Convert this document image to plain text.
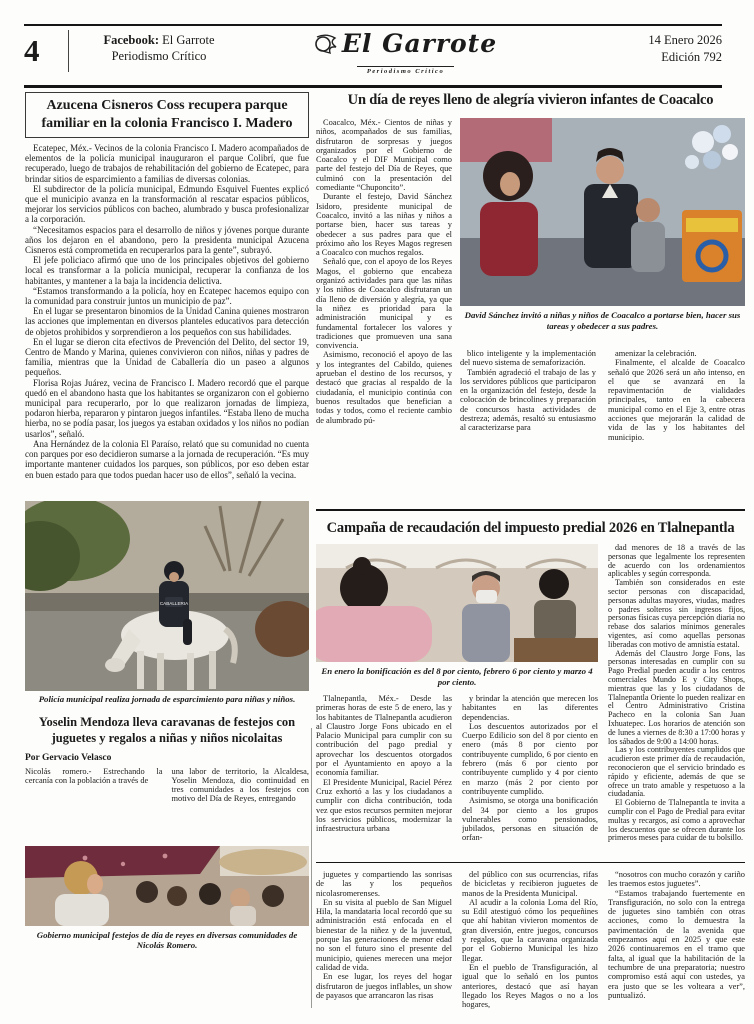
4	Facebook: El Garrote
Periodismo Crítico	El Garrote

Periodismo Crítico
14 Enero 2026
Edición 792
Azucena Cisneros Coss recupera parque familiar en la colonia Francisco I. Madero

Ecatepec, Méx.- Vecinos de la colonia Francisco I. Madero acompañados de elementos de la policía municipal inauguraron el parque Colibrí, que fue recuperado, luego de trabajos de rehabilitación del gobierno de Ecatepec, para brindar sitios de esparcimiento a familias de diversas colonias.

El subdirector de la policía municipal, Edmundo Esquivel Fuentes explicó que el municipio avanza en la transformación al rescatar espacios públicos, mejorar los servicios públicos con bacheo, alumbrado y busca profesionalizar a la corporación.

“Necesitamos espacios para el desarrollo de niños y jóvenes porque durante años los dejaron en el abandono, pero la presidenta municipal Azucena Cisneros está comprometida en recuperarlos para la gente”, subrayó.

El jefe policiaco afirmó que uno de los principales objetivos del gobierno local es transformar a la policía municipal, recuperar la confianza de los habitantes, y mantener a la baja la incidencia delictiva.

“Estamos transformando a la policía, hoy en Ecatepec hacemos equipo con la comunidad para construir juntos un municipio de paz”.

En el lugar se presentaron binomios de la Unidad Canina quienes mostraron las acciones que implementan en diversos planteles educativos para detección de objetos prohibidos y sorprendieron a los pequeños con sus habilidades.

En el lugar se dieron cita efectivos de Prevención del Delito, del sector 19, Centro de Mando y Marina, quienes convivieron con niños, niñas y padres de familia, mientras que la Unidad de Caballería dio un paseo a algunos pequeños.

Florisa Rojas Juárez, vecina de Francisco I. Madero recordó que el parque quedó en el abandono hasta que los habitantes se organizaron con el gobierno municipal para recuperarlo, por lo que realizaron jornadas de limpieza, podaron hierba, repararon y pintaron juegos infantiles. “Estaba lleno de mucha hierba, no se podía pasar, los juegos ya estaban oxidados y los niños no podían usarlos”, señaló.

Ana Hernández de la colonia El Paraíso, relató que su comunidad no cuenta con parques por eso decidieron sumarse a la jornada de recuperación. “Es muy importante mantener cuidados los parques, son públicos, por eso deben estar en buen estado para que todos puedan hacer uso de ellos”, señaló la vecina.

CABALLERIA
Policía municipal realiza jornada de esparcimiento para niñas y niños.
Yoselin Mendoza lleva caravanas de festejos con juguetes y regalos a niñas y niños nicolaitas
Por Gervacio Velasco
Nicolás romero.- Estrechando la cercanía con la población a través de
una labor de territorio, la Alcaldesa, Yoselin Mendoza, dio continuidad en tres comunidades a los festejos con motivo del Día de Reyes, entregando
Gobierno municipal festejos de día de reyes en diversas comunidades de Nicolás Romero.
Un día de reyes lleno de alegría vivieron infantes de Coacalco

Coacalco, Méx.- Cientos de niñas y niños, acompañados de sus familias, disfrutaron de sorpresas y juegos organizados por el Gobierno de Coacalco y el DIF Municipal como parte del festejo del Día de Reyes, que culminó con la presentación del comediante “Chuponcito”.

Durante el festejo, David Sánchez Isidoro, presidente municipal de Coacalco, invitó a las niñas y niños a portarse bien, hacer sus tareas y obedecer a sus padres para que el próximo año los Reyes Magos regresen a Coacalco con muchos regalos.

Señaló que, con el apoyo de los Reyes Magos, el gobierno que encabeza organizó actividades para que las niñas y los niños de Coacalco disfrutaran un día lleno de diversión y alegría, ya que la niñez es prioridad para la administración municipal y es fundamental fortalecer los valores y tradiciones que promueven una sana convivencia.

Asimismo, reconoció el apoyo de las y los integrantes del Cabildo, quienes aprueban el destino de los recursos, y destacó que gracias al respaldo de la ciudadanía, el municipio continúa con buenos resultados que benefician a todas y todos, como el reciente cambio de alumbrado pú-

David Sánchez invitó a niñas y niños de Coacalco a portarse bien, hacer sus tareas y obedecer a sus padres.

blico inteligente y la implementación del nuevo sistema de semaforización.

También agradeció el trabajo de las y los servidores públicos que participaron en la organización del festejo, desde la colocación de brincolines y preparación de concursos hasta actividades de destreza; además, resaltó su entusiasmo al caracterizarse para

amenizar la celebración.

Finalmente, el alcalde de Coacalco señaló que 2026 será un año intenso, en el que se avanzará en la repavimentación de vialidades principales, tanto en la cabecera municipal como en el Eje 3, entre otras acciones que mejorarán la calidad de vida de las y los habitantes del municipio.

Campaña de recaudación del impuesto predial 2026 en Tlalnepantla
En enero la bonificación es del 8 por ciento, febrero 6 por ciento y marzo 4 por ciento.

Tlalnepantla, Méx.- Desde las primeras horas de este 5 de enero, las y los habitantes de Tlalnepantla acudieron al Claustro Jorge Fons ubicado en el Palacio Municipal para cumplir con su contribución del pago predial y aprovechar los descuentos otorgados por el Ayuntamiento en apoyo a la economía familiar.

El Presidente Municipal, Raciel Pérez Cruz exhortó a las y los ciudadanos a cumplir con dicha contribución, toda vez que estos recursos permiten mejorar los servicios públicos, modernizar la infraestructura urbana

y brindar la atención que merecen los habitantes en las diferentes dependencias.

Los descuentos autorizados por el Cuerpo Edilicio son del 8 por ciento en enero (más 8 por ciento por contribuyente cumplido, 6 por ciento en febrero (más 6 por ciento por contribuyente cumplido y 4 por ciento en marzo (más 2 por ciento por contribuyente cumplido.

Asimismo, se otorga una bonificación del 34 por ciento a los grupos vulnerables como pensionados, jubilados, personas en situación de orfan-

dad menores de 18 a través de las personas que legalmente los representen de acuerdo con los ordenamientos aplicables y según corresponda.

También son considerados en este sector personas con discapacidad, personas adultas mayores, viudas, madres o padres solteros sin ingresos fijos, personas físicas cuya percepción diaria no rebase dos salarios mínimos generales vigentes, así como aquellas personas liberadas con motivo de amnistía estatal.

Además del Claustro Jorge Fons, las personas interesadas en cumplir con su Pago Predial pueden acudir a los centros comerciales Mundo E y City Shops, mientras que las y los ciudadanos de Tlalnepantla Oriente lo pueden realizar en el Centro Administrativo Cristina Pacheco en la colonia San Juan Ixhuatepec. Los horarios de atención son de lunes a viernes de 8:30 a 17:00 horas y los sábados de 9:00 a 14:00 horas.

Las y los contribuyentes cumplidos que acudieron este primer día de recaudación, reconocieron que el servicio brindado es rápido y eficiente, además de que se ofrece un trato amable y respetuoso a la ciudadanía.

El Gobierno de Tlalnepantla te invita a cumplir con el Pago de Predial para evitar multas y recargos, así como a aprovechar los descuentos que se ofrecen durante los primeros meses para cuidar de tu bolsillo.

juguetes y compartiendo las sonrisas de las y los pequeños nicolasromerenses.

En su visita al pueblo de San Miguel Hila, la mandataria local recordó que su administración está enfocada en el bienestar de la niñez y de la juventud, porque las generaciones de menor edad no son el futuro sino el presente del municipio, quienes merecen una mejor calidad de vida.

En ese lugar, los reyes del hogar disfrutaron de juegos inflables, un show de payasos que arrancaron las risas

del público con sus ocurrencias, rifas de bicicletas y recibieron juguetes de manos de la Presidenta Municipal.

Al acudir a la colonia Loma del Río, su Edil atestiguó cómo los pequeñines que ahí habitan vivieron momentos de gran diversión, entre juegos, concursos y regalos, que la caravana organizada por el Gobierno Municipal les hizo llegar.

En el pueblo de Transfiguración, al igual que lo señaló en los puntos anteriores, destacó que así hayan llegado los Reyes Magos o no a los hogares,

“nosotros con mucho corazón y cariño les traemos estos juguetes”.

“Estamos trabajando fuertemente en Transfiguración, no solo con la entrega de juguetes sino también con otras acciones, como lo demuestra la pavimentación de la avenida que empezamos aquí en 2025 y que este 2026 continuaremos en el tramo que falta, al igual que la habilitación de la techumbre de una preparatoria; nuestro compromiso está aquí con ustedes, ya era justo que se les volteara a ver”, puntualizó.
